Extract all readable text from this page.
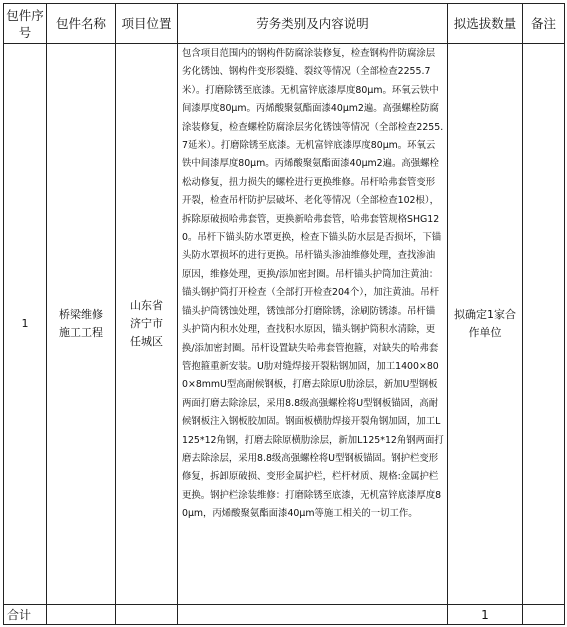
包件序号	包件名称	项目位置	劳务类别及内容说明	拟选拔数量	备注
1	桥梁维修施工工程	山东省济宁市任城区	包含项目范围内的钢构件防腐涂装修复，检查钢构件防腐涂层劣化锈蚀、钢构件变形裂缝、裂纹等情况（全部检查2255.7米）。打磨除锈至底漆。无机富锌底漆厚度80μm。环氧云铁中间漆厚度80μm。丙烯酸聚氨酯面漆40μm2遍。高强螺栓防腐涂装修复，检查螺栓防腐涂层劣化锈蚀等情况（全部检查2255.7延米）。打磨除锈至底漆。无机富锌底漆厚度80μm。环氧云铁中间漆厚度80μm。丙烯酸聚氨酯面漆40μm2遍。高强螺栓松动修复，扭力损失的螺栓进行更换维修。吊杆哈弗套管变形开裂，检查吊杆防护层破坏、老化等情况（全部检查102根），拆除原破损哈弗套管，更换新哈弗套管，哈弗套管规格SHG120。吊杆下锚头防水罩更换，检查下锚头防水层是否损坏，下锚头防水罩损坏的进行更换。吊杆锚头渗油维修处理，查找渗油原因，维修处理，更换/添加密封圈。吊杆锚头护筒加注黄油：锚头钢护筒打开检查（全部打开检查204个），加注黄油。吊杆锚头护筒锈蚀处理，锈蚀部分打磨除锈，涂刷防锈漆。吊杆锚头护筒内积水处理，查找积水原因，锚头钢护筒积水清除，更换/添加密封圈。吊杆设置缺失哈弗套管抱箍，对缺失的哈弗套管抱箍重新安装。U肋对缝焊接开裂粘钢加固，加工1400×800×8mmU型高耐候钢板，打磨去除原U肋涂层，新加U型钢板两面打磨去除涂层，采用8.8级高强螺栓将U型钢板锚固，高耐候钢板注入钢板胶加固。钢面板横肋焊接开裂角钢加固，加工L125*12角钢，打磨去除原横肋涂层，新加L125*12角钢两面打磨去除涂层，采用8.8级高强螺栓将U型钢板锚固。钢护栏变形修复，拆卸原破损、变形金属护栏，栏杆材质、规格:金属护栏更换。钢护栏涂装维修：打磨除锈至底漆，无机富锌底漆厚度80μm，丙烯酸聚氨酯面漆40μm等施工相关的一切工作。	拟确定1家合作单位	
合计				1	
